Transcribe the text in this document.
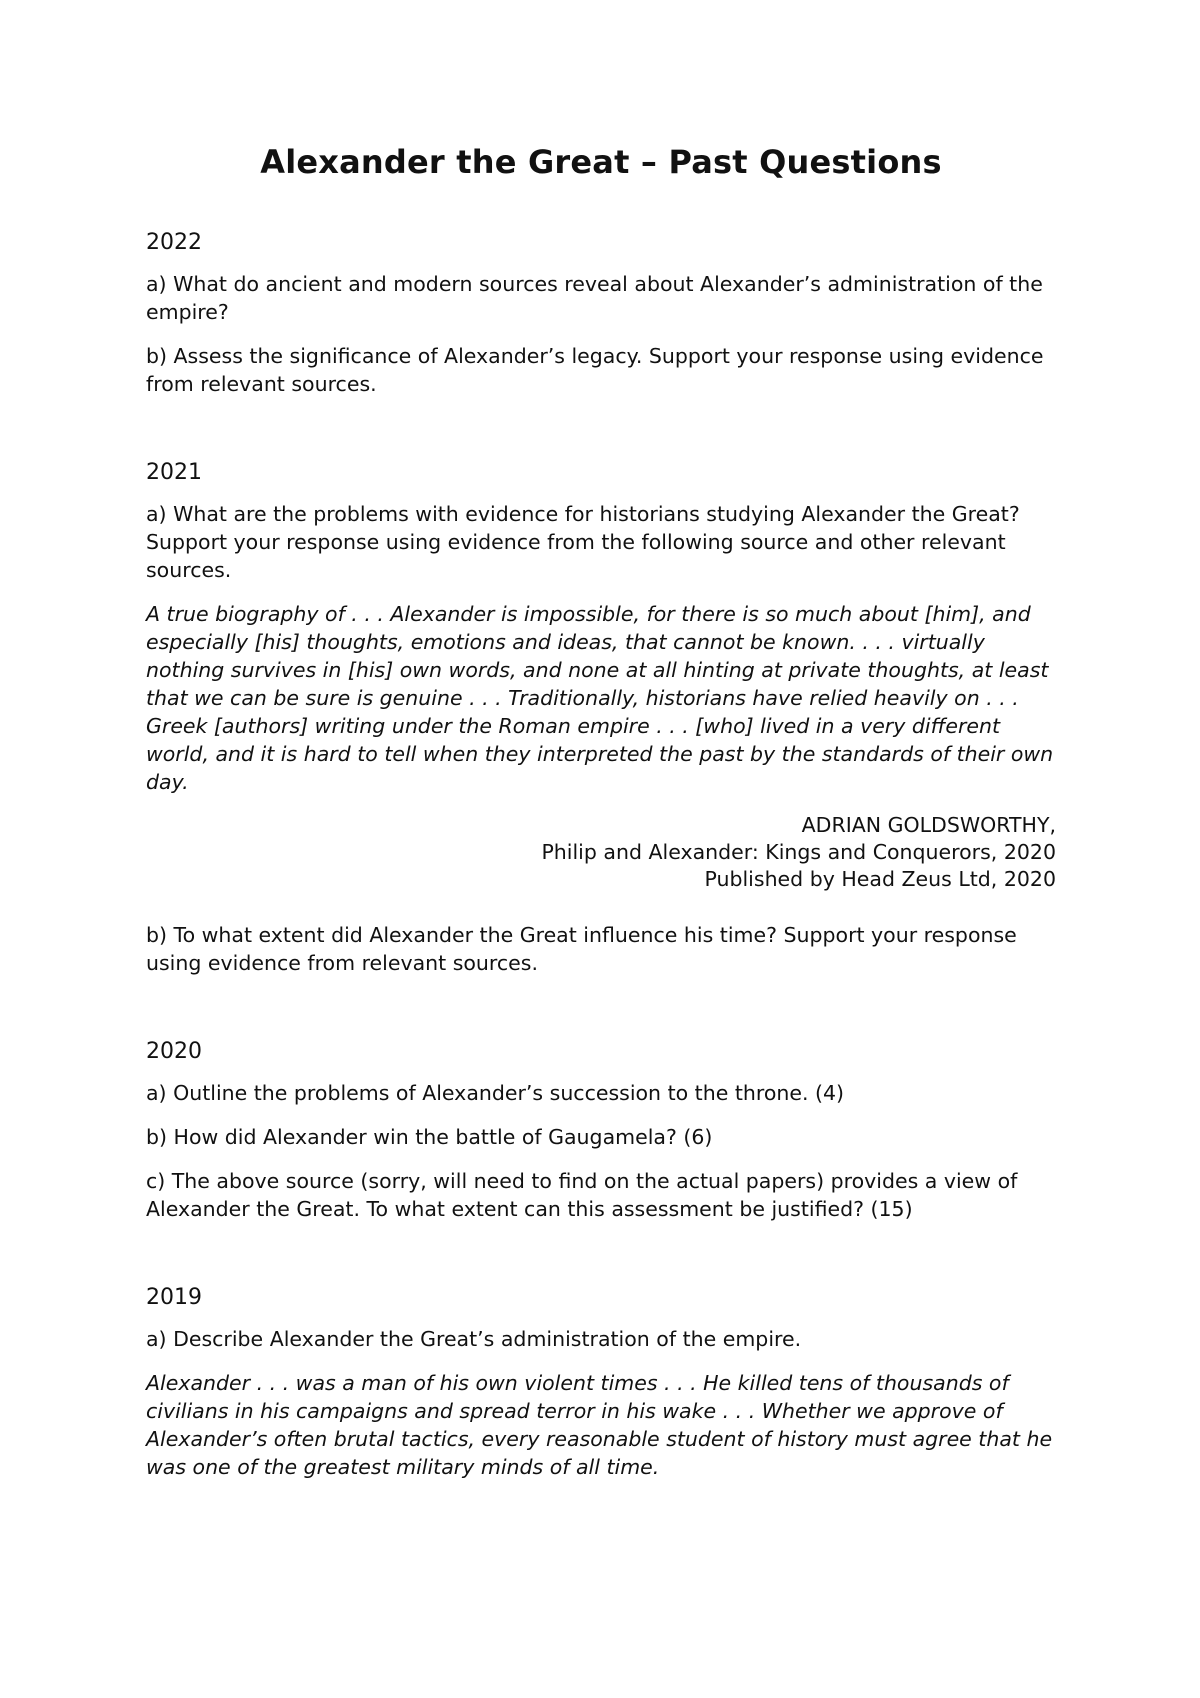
Alexander the Great – Past Questions
2022

a) What do ancient and modern sources reveal about Alexander’s administration of the empire?

b) Assess the significance of Alexander’s legacy. Support your response using evidence from relevant sources.

2021

a) What are the problems with evidence for historians studying Alexander the Great? Support your response using evidence from the following source and other relevant sources.

A true biography of . . . Alexander is impossible, for there is so much about [him], and especially [his] thoughts, emotions and ideas, that cannot be known. . . . virtually nothing survives in [his] own words, and none at all hinting at private thoughts, at least that we can be sure is genuine . . . Traditionally, historians have relied heavily on . . . Greek [authors] writing under the Roman empire . . . [who] lived in a very different world, and it is hard to tell when they interpreted the past by the standards of their own day.

ADRIAN GOLDSWORTHY,
Philip and Alexander: Kings and Conquerors, 2020
Published by Head Zeus Ltd, 2020

b) To what extent did Alexander the Great influence his time? Support your response using evidence from relevant sources.

2020

a) Outline the problems of Alexander’s succession to the throne. (4)

b) How did Alexander win the battle of Gaugamela? (6)

c) The above source (sorry, will need to find on the actual papers) provides a view of Alexander the Great. To what extent can this assessment be justified? (15)

2019

a) Describe Alexander the Great’s administration of the empire.

Alexander . . . was a man of his own violent times . . . He killed tens of thousands of civilians in his campaigns and spread terror in his wake . . . Whether we approve of Alexander’s often brutal tactics, every reasonable student of history must agree that he was one of the greatest military minds of all time.
